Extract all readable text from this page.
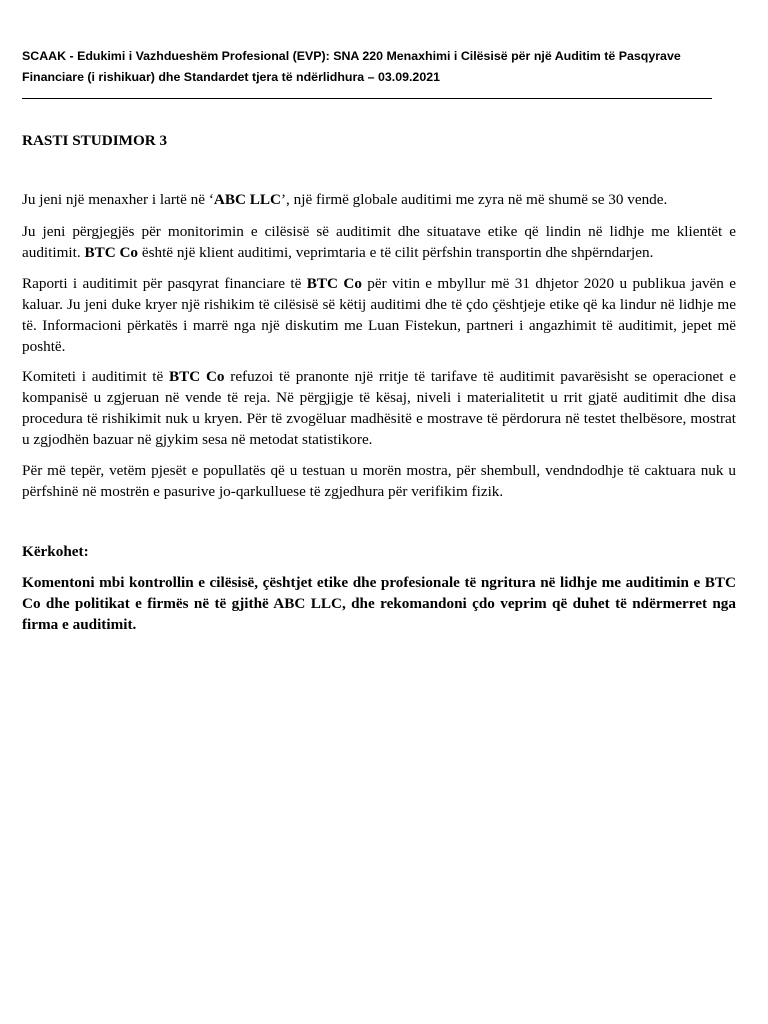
SCAAK - Edukimi i Vazhdueshëm Profesional (EVP): SNA 220 Menaxhimi i Cilësisë për një Auditim të Pasqyrave Financiare (i rishikuar) dhe Standardet tjera të ndërlidhura – 03.09.2021
RASTI STUDIMOR 3

Ju jeni një menaxher i lartë në ‘ABC LLC’, një firmë globale auditimi me zyra në më shumë se 30 vende.

Ju jeni përgjegjës për monitorimin e cilësisë së auditimit dhe situatave etike që lindin në lidhje me klientët e auditimit. BTC Co është një klient auditimi, veprimtaria e të cilit përfshin transportin dhe shpërndarjen.

Raporti i auditimit për pasqyrat financiare të BTC Co për vitin e mbyllur më 31 dhjetor 2020 u publikua javën e kaluar. Ju jeni duke kryer një rishikim të cilësisë së këtij auditimi dhe të çdo çështjeje etike që ka lindur në lidhje me të. Informacioni përkatës i marrë nga një diskutim me Luan Fistekun, partneri i angazhimit të auditimit, jepet më poshtë.

Komiteti i auditimit të BTC Co refuzoi të pranonte një rritje të tarifave të auditimit pavarësisht se operacionet e kompanisë u zgjeruan në vende të reja. Në përgjigje të kësaj, niveli i materialitetit u rrit gjatë auditimit dhe disa procedura të rishikimit nuk u kryen. Për të zvogëluar madhësitë e mostrave të përdorura në testet thelbësore, mostrat u zgjodhën bazuar në gjykim sesa në metodat statistikore.

Për më tepër, vetëm pjesët e popullatës që u testuan u morën mostra, për shembull, vendndodhje të caktuara nuk u përfshinë në mostrën e pasurive jo-qarkulluese të zgjedhura për verifikim fizik.

Kërkohet:

Komentoni mbi kontrollin e cilësisë, çështjet etike dhe profesionale të ngritura në lidhje me auditimin e BTC Co dhe politikat e firmës në të gjithë ABC LLC, dhe rekomandoni çdo veprim që duhet të ndërmerret nga firma e auditimit.
